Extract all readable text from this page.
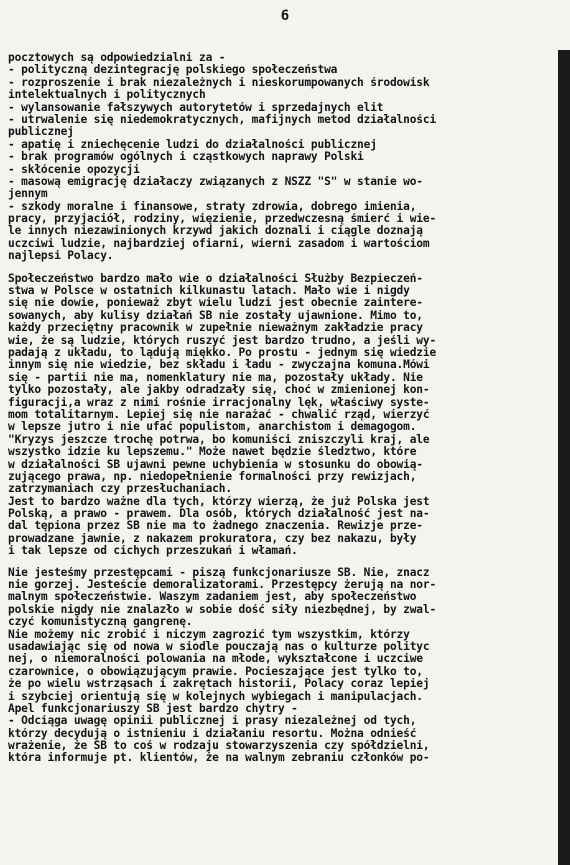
6
pocztowych są odpowiedzialni za -
- polityczną dezintegrację polskiego społeczeństwa
- rozproszenie i brak niezależnych i nieskorumpowanych środowisk
intelektualnych i politycznych
- wylansowanie fałszywych autorytetów i sprzedajnych elit
- utrwalenie się niedemokratycznych, mafijnych metod działalności
publicznej
- apatię i zniechęcenie ludzi do działalności publicznej
- brak programów ogólnych i cząstkowych naprawy Polski
- skłócenie opozycji
- masową emigrację działaczy związanych z NSZZ "S" w stanie wo-
jennym
- szkody moralne i finansowe, straty zdrowia, dobrego imienia,
pracy, przyjaciół, rodziny, więzienie, przedwczesną śmierć i wie-
le innych niezawinionych krzywd jakich doznali i ciągle doznają
uczciwi ludzie, najbardziej ofiarni, wierni zasadom i wartościom
najlepsi Polacy.
Społeczeństwo bardzo mało wie o działalności Służby Bezpieczeń-
stwa w Polsce w ostatnich kilkunastu latach. Mało wie i nigdy
się nie dowie, ponieważ zbyt wielu ludzi jest obecnie zaintere-
sowanych, aby kulisy działań SB nie zostały ujawnione. Mimo to,
każdy przeciętny pracownik w zupełnie nieważnym zakładzie pracy
wie, że są ludzie, których ruszyć jest bardzo trudno, a jeśli wy-
padają z układu, to lądują miękko. Po prostu - jednym się wiedzie
innym się nie wiedzie, bez składu i ładu - zwyczajna komuna.Mówi
się - partii nie ma, nomenklatury nie ma, pozostały układy. Nie
tylko pozostały, ale jakby odradzały się, choć w zmienionej kon-
figuracji,a wraz z nimi rośnie irracjonalny lęk, właściwy syste-
mom totalitarnym. Lepiej się nie narażać - chwalić rząd, wierzyć
w lepsze jutro i nie ufać populistom, anarchistom i demagogom.
"Kryzys jeszcze trochę potrwa, bo komuniści zniszczyli kraj, ale
wszystko idzie ku lepszemu." Może nawet będzie śledztwo, które
w działalności SB ujawni pewne uchybienia w stosunku do obowią-
zującego prawa, np. niedopełnienie formalności przy rewizjach,
zatrzymaniach czy przesłuchaniach.
Jest to bardzo ważne dla tych, którzy wierzą, że już Polska jest
Polską, a prawo - prawem. Dla osób, których działalność jest na-
dal tępiona przez SB nie ma to żadnego znaczenia. Rewizje prze-
prowadzane jawnie, z nakazem prokuratora, czy bez nakazu, były
i tak lepsze od cichych przeszukań i włamań.
Nie jesteśmy przestępcami - piszą funkcjonariusze SB. Nie, znacz
nie gorzej. Jesteście demoralizatorami. Przestępcy żerują na nor-
malnym społeczeństwie. Waszym zadaniem jest, aby społeczeństwo
polskie nigdy nie znalazło w sobie dość siły niezbędnej, by zwal-
czyć komunistyczną gangrenę.
Nie możemy nic zrobić i niczym zagrozić tym wszystkim, którzy
usadawiając się od nowa w siodle pouczają nas o kulturze polityc
nej, o niemoralności polowania na młode, wykształcone i uczciwe
czarownice, o obowiązującym prawie. Pocieszające jest tylko to,
że po wielu wstrząsach i zakrętach historii, Polacy coraz lepiej
i szybciej orientują się w kolejnych wybiegach i manipulacjach.
Apel funkcjonariuszy SB jest bardzo chytry -
- Odciąga uwagę opinii publicznej i prasy niezależnej od tych,
którzy decydują o istnieniu i działaniu resortu. Można odnieść
wrażenie, że SB to coś w rodzaju stowarzyszenia czy spółdzielni,
która informuje pt. klientów, że na walnym zebraniu członków po-
